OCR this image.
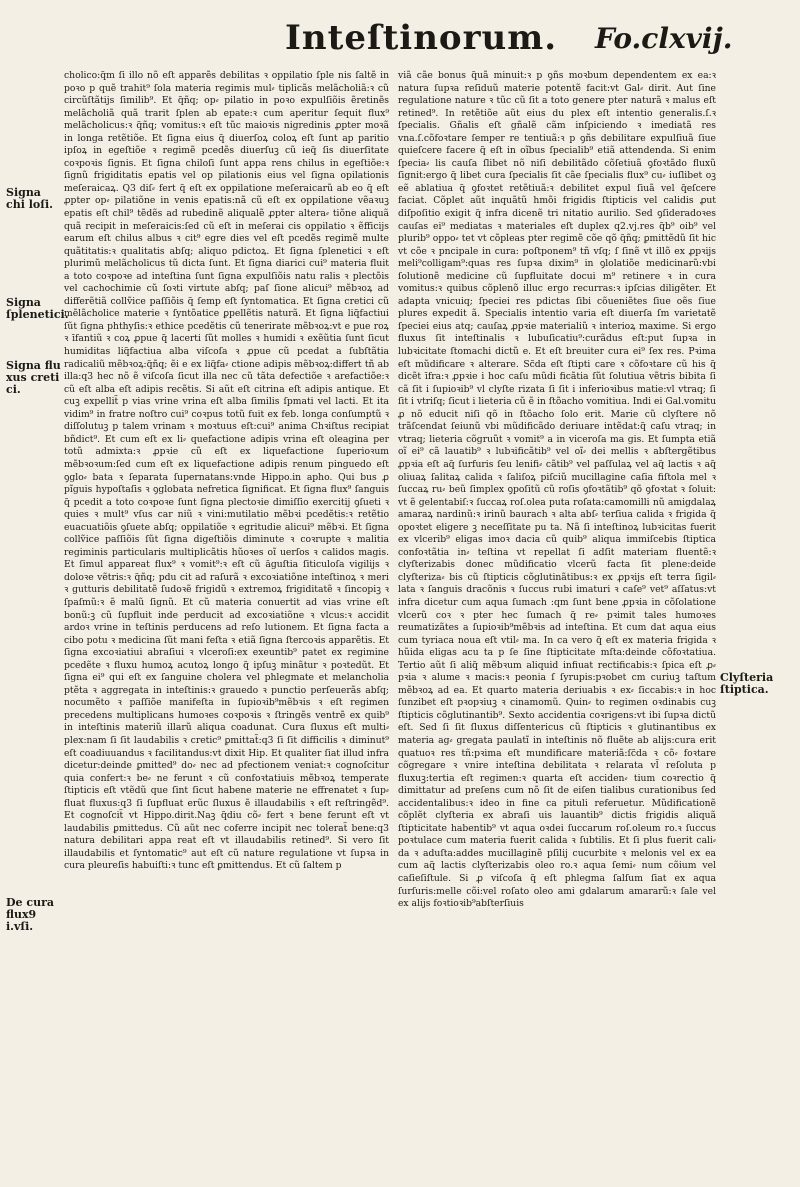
Inteſtinorum. Fo.clxvij.
Signa chi loſi.
Signa ſplenetici.
Signa flu xus creti ci.
De cura flux9 i.vſi.
Clyſteria ſtiptica.

cholico:q̃m ſi illo nõ eſt apparẽs debilitas ꝛ oppilatio ſple nis ſaltẽ in poꝛo p quẽ trahit⁹ ſola materia regimis mul⸗ tiplicãs melãcholiã:ꝛ cũ circũſtãtijs ſimilib⁹. Et q̃ñq; op⸗ pilatio in poꝛo expulſiõis ẽretinẽs melãcholiã quã trarit ſplen ab epate:ꝛ cum aperitur ſequit flux⁹ melãcholicus:ꝛ q̃ñq; vomitus:ꝛ eſt tũc maioꝛis nigredinis ꝓpter moꝛã in longa retẽtiõe. Et ſigna eius q̃ diuerſoꝝ coloꝝ eſt ſunt ap paritio ipſoꝝ in egeſtiõe ꝛ regimẽ pcedẽs diuerſuꝫ cũ ieq̃ ſis diuerſitate coꝛpoꝛis ſignis. Et ſigna chiloſi ſunt appa rens chilus in egeſtiõe:ꝛ ſignũ frigiditatis epatis vel op pilationis eius vel ſigna opilationis meſeraicaꝝ. Q3 diſ⸗ fert q̃ eſt ex oppilatione meſeraicarũ ab eo q̃ eſt ꝓpter op⸗ pilatiõne in venis epatis:nã cũ eſt ex oppilatione vẽaꝛuꝫ epatis eſt chil⁹ tẽdẽs ad rubedinẽ aliqualẽ ꝓpter altera⸗ tiõne aliquã quã recipit in meſeraicis:ſed cũ eſt in meſerai cis oppilatio ꝛ ẽfficijs earum eſt chilus albus ꝛ cit⁹ egre dies vel eſt pcedẽs regimẽ multe quãtitatis:ꝛ qualitatis abſq; aliquo pdictoꝝ. Et ſigna ſplenetici ꝛ eſt plurimũ melãcholicus tũ dicta ſunt. Et ſigna diarici cui⁹ materia fluit a toto coꝛpoꝛe ad inteſtina ſunt ſigna expulſiõis natu ralis ꝛ plectõis vel cachochimie cũ ſoꝛti virtute abſq; paſ ſione alicui⁹ mẽbꝛoꝝ ad differẽtiã collṽice paſſiõis q̃ ſemp eſt ſyntomatica. Et ſigna cretici cũ mẽlãcholice materie ꝛ ſyntõatice ꝑpellẽtis naturã. Et ſigna liq̃factiui ſũt ſigna phthyſis:ꝛ ethice pcedẽtis cũ tenerirate mẽbꝛoꝝ:vt e pue roꝝ ꝛ īfantiũ ꝛ coꝝ ꝓpue q̃ lacerti ſũt molles ꝛ humidi ꝛ exẽũtia ſunt ſicut humiditas liq̃factiua alba viſcoſa ꝛ ꝓpue cũ pcedat a ſubſtãtia radicaliũ mẽbꝛoꝝ:q̃ñq; ẽi e ex liq̃fa⸗ ctione adipis mẽbꝛoꝝ:differt tñ ab illa:q3 hec nõ ẽ viſcoſa ſicut illa nec cũ tãta defectiõe ꝛ arefactiõe:ꝛ cũ eſt alba eſt adipis recẽtis. Si aũt eſt citrina eſt adipis antique. Et cuꝫ expellit̃ p vias vrine vrina eſt alba ſimilis ſpmati vel lacti. Et ita vidim⁹ in fratre noſtro cui⁹ coꝛpus totũ fuit ex feb. longa conſumptũ ꝛ diſſolutuꝫ p talem vrinam ꝛ moꝛtuus eſt:cui⁹ anima Chꝛiſtus recipiat bñdict⁹. Et cum eſt ex li⸗ quefactione adipis vrina eſt oleagina per totũ admixta:ꝛ ꝓpꝛie cũ eſt ex liquefactione ſuperioꝛum mẽbꝛoꝛum:ſed cum eſt ex liquefactione adipis renum pinguedo eſt ꝯglo⸗ bata ꝛ ſeparata ſupernatans:vnde Hippo.in apho. Qui bus ꝓ pĩguis hypoſtaſis ꝛ ꝯglobata nefretica ſignificat. Et ſigna flux⁹ ſanguis q̃ pcedit a toto coꝛpoꝛe ſunt ſigna plectoꝛie dimiſſio exercitij ꝯſueti ꝛ quies ꝛ mult⁹ vſus car niũ ꝛ vini:mutilatio mẽbꝛi pcedẽtis:ꝛ retẽtio euacuatiõis ꝯſuete abſq; oppilatiõe ꝛ egritudie alicui⁹ mẽbꝛi. Et ſigna collṽice paſſiõis ſũt ſigna digeſtiõis diminute ꝛ coꝛrupte ꝛ malitia regiminis particularis multiplicãtis hũoꝛes oĩ uerſos ꝛ calidos magis. Et ſimul appareat flux⁹ ꝛ vomit⁹:ꝛ eſt cũ āguſtia ſiticuloſa vigilijs ꝛ doloꝛe vẽtris:ꝛ q̃ñq; pdu cit ad raſurã ꝛ excoꝛiatiõne inteſtinoꝝ ꝛ meri ꝛ gutturis debilitatẽ ſudoꝛẽ frigidũ ꝛ extremoꝝ frigiditatẽ ꝛ ſincopiꝫ ꝛ ſpaſmũ:ꝛ ẽ malũ ſignũ. Et cũ materia conuertit ad vias vrine eſt bonũ:ꝫ cũ ſupfluit inde perducit ad excoꝛiatiõne ꝛ vlcus:ꝛ accidit ardoꝛ vrine in teſtinis perducens ad reſo lutionem. Et ſigna facta a cibo potu ꝛ medicina ſũt mani feſta ꝛ etiã ſigna ſtercoꝛis apparẽtis. Et ſigna excoꝛiatiui abraſiui ꝛ vlceroſi:ex exeuntib⁹ patet ex regimine pcedẽte ꝛ fluxu humoꝝ acutoꝝ longo q̃ ipſuꝫ minãtur ꝛ poꝛtedũt. Et ſigna ei⁹ qui eſt ex ſanguine cholera vel phlegmate et melancholia ptẽta ꝛ aggregata in inteſtinis:ꝛ grauedo ꝛ punctio perſeuerãs abſq; nocumẽto ꝛ paſſiõe manifeſta in ſupioꝛib⁹mẽbꝛis ꝛ eſt regimen precedens multiplicans humoꝛes coꝛpoꝛis ꝛ ſtringẽs ventrẽ ex quib⁹ in inteſtinis materiũ illarũ aliqua coadunat. Cura ſluxus eſt multi⸗ plex:nam ſi ſit laudabilis ꝛ cretic⁹ ꝑmittat̃:q3 ſi ſit difficilis ꝛ diminut⁹ eſt coadiuuandus ꝛ facilitandus:vt dixit Hip. Et qualiter ſiat illud infra dicetur:deinde ꝑmitted⁹ do⸗ nec ad pfectionem veniat:ꝛ cognoſcitur quia confert:ꝛ be⸗ ne ferunt ꝛ cũ confoꝛtatiuis mẽbꝛoꝝ temperate ſtipticis eſt vtẽdũ que ſint ſicut habene materie ne effrenatet ꝛ ſup⸗ fluat fluxus:q3 ſi ſupfluat erũc ſluxus ẽ illaudabilis ꝛ eſt reſtringẽd⁹. Et cognoſcit̃ vt Hippo.dirit.Naꝫ q̃diu cõ⸗ fert ꝛ bene ferunt eſt vt laudabilis ꝑmittedus. Cũ aũt nec coferre incipit nec tolerat̃ bene:q3 natura debilitari appa reat eſt vt illaudabilis retined⁹. Si vero ſit illaudabilis et ſyntomatic⁹ aut eſt cũ nature regulatione vt ſupꝛa in cura pleureſis habuiſti:ꝛ tunc eſt ꝑmittendus. Et cũ ſaltem p

viã cãe bonus q̃uã minuit:ꝛ p ꝯñs moꝛbum dependentem ex ea:ꝛ natura ſupꝛa reſiduũ materie potentẽ facit:vt Gal⸗ dirit. Aut ſine regulatione nature ꝛ tũc cũ ſit a toto genere pter naturã ꝛ malus eſt retined⁹. In retẽtiõe aũt eius du plex eſt intentio generalis.ſ.ꝛ ſpecialis. Gñalis eſt gñalẽ cãm inſpiciendo ꝛ imediatã res vna.ſ.cõfoꝛtare ſemper re tentiuã:ꝛ p ꝯñs debilitare expulſiuã ſiue quieſcere facere q̃ eſt in oĩbus ſpecialib⁹ etiã attendenda. Si enim ſpecia⸗ lis cauſa ſlibet nõ niſi debilitãdo cõſetiuã ꝯfoꝛtãdo fluxũ ſignit:ergo q̃ libet cura ſpecialis ſit cãe ſpecialis flux⁹ cu⸗ iuſlibet oꝫ eẽ ablatiua q̃ ꝯfoꝛtet retẽtiuã:ꝛ debilitet expul ſiuã vel q̃eſcere faciat. Cõplet aũt inquãtũ hmõi frigidis ſtipticis vel calidis ꝓut diſpoſitio exigit q̃ infra dicenẽ tri nitatio aurilio. Sed ꝯſideradoꝛes cauſas ei⁹ mediatas ꝛ materiales eſt duplex q2.vj.res q̃b⁹ oib⁹ vel plurib⁹ oppo⸗ tet vt cõpleas pter regimẽ cõe qõ q̃ñq; ꝑmittẽdũ ſit hic vt cõe ꝛ pncipale in cura: poſtponem⁹ tñ vſq; ſ ſinẽ vt illõ ex ꝓpꝛijs meli⁹colligam⁹:quas res ſupꝛa dixim⁹ in ꝯlolatiõe medicinarũ:vbi ſolutionẽ medicine cũ ſupfluitate docui m⁹ retinere ꝛ in cura vomitus:ꝛ quibus cõplenõ illuc ergo recurras:ꝛ ipſcias diligẽter. Et adapta vnicuiq; ſpeciei res pdictas ſibi cõueniẽtes ſiue oẽs ſiue plures expedit ã. Specialis intentio varia eſt diuerſa ſm varietatẽ ſpeciei eius atq; cauſaꝝ ꝓpꝛie materialiũ ꝛ interioꝝ maxime. Si ergo fluxus ſit inteſtinalis ꝛ lubuſicatiu⁹:curãdus eſt:put ſupꝛa in lubꝛicitate ſtomachi dictũ e. Et eſt breuiter cura ei⁹ ſex res. Pꝛima eſt mũdificare ꝛ alterare. Sc̃da eſt ſtipti care ꝛ cõfoꝛtare cũ his q̃ dicẽt īfra:ꝛ ꝓpꝛie i hoc caſu mũdi ficãtia ſũt ſolutiua vẽtris bibita ſi cã ſit i ſupioꝛib⁹ vl clyſte rizata ſi ſit i inferioꝛibus matie:vl vtraq; ſi ſit i vtriſq; ſicut i lieteria cũ ẽ in ſtõacho vomitiua. Indi ei Gal.vomitu ꝓ nõ educit niſi qõ in ſtõacho ſolo erit. Marie cũ clyſtere nõ trãſcendat ſeiunũ vbi mũdificãdo deriuare intẽdat:q̃ caſu vtraq; in vtraq; lieteria cõgruũt ꝛ vomit⁹ a in viceroſa ma gis. Et ſumpta etiã oĩ ei⁹ cã lauatib⁹ ꝛ lubꝛificãtib⁹ vel oĩ⸗ dei mellis ꝛ abſtergẽtibus ꝓpꝛia eſt aq̃ ſurfuris ſeu lenifi⸗ cãtib⁹ vel paſſulaꝝ vel aq̃ lactis ꝛ aq̃ oliuaꝝ ſalitaꝝ calida ꝛ ſaliſoꝝ piſciũ mucillagine caſia fiſtola mel ꝛ ſuccaꝝ ru⸗ beũ ſimplex ꝯpoſitũ cũ roſis ꝯfoꝛtãtib⁹ qõ ꝯfoꝛtat ꝛ ſoluit: vt ẽ gelentabiſ:ꝛ ſuccaꝝ roſ.olea puta roſata:camomilli nũ amigdalaꝝ amaraꝝ nardinũ:ꝛ irinũ baurach ꝛ alta abſ⸗ terſiua calida ꝛ frigida q̃ opoꝛtet eligere ꝫ neceſſitate pu ta. Nã ſi inteſtinoꝝ lubꝛicitas fuerit ex vlcerib⁹ eligas imoꝛ dacia cũ quib⁹ aliqua immiſcebis ſtiptica confoꝛtãtia in⸗ teſtina vt repellat ſi adſit materiam fluentẽ:ꝛ clyſterizabis donec mũdificatio vlcerũ facta ſit plene:deide clyſteriza⸗ bis cũ ſtipticis cõglutinãtibus:ꝛ ex ꝓpꝛijs eſt terra ſigil⸗ lata ꝛ ſanguis dracõnis ꝛ ſuccus rubi imaturi ꝛ caſe⁹ vet⁹ aſſatus:vt infra dicetur cum aqua ſumach :qm ſunt bene ꝓpꝛia in cõſolatione vlcerũ coꝛ ꝛ pter hec ſumach q̃ re⸗ pꝛimit tales humoꝛes reumatizãtes a ſupioꝛib⁹mẽbꝛis ad inteſtina. Et cum dat aqua eius cum tyriaca noua eſt vtil⸗ ma. In ca vero q̃ eſt ex materia frigida ꝛ hũida eligas acu ta p ſe ſine ſtipticitate mſta:deinde cõfoꝛtatiua. Tertio aũt ſi aliq̃ mẽbꝛum aliquid infiuat rectificabis:ꝛ ſpica eſt ꝓ⸗ pꝛia ꝛ alume ꝛ macis:ꝛ peonia ſ ſyrupis:pꝛobet cm curiuꝫ taſtum mẽbꝛoꝝ ad ea. Et quarto materia deriuabis ꝛ ex⸗ ſiccabis:ꝛ in hoc ſunzibet eſt pꝛopꝛiuꝫ ꝛ cinamomũ. Quin⸗ to regimen oꝛdinabis cuꝫ ſtipticis cõglutinantib⁹. Sexto accidentia coꝛrigens:vt ibi ſupꝛa dictũ eſt. Sed ſi ſit ſluxus diſſentericus cũ ſtipticis ꝛ glutinantibus ex materia ag⸗ gregata paulatĩ in inteſtinis nõ fluẽte ab alijs:cura erit quatuoꝛ res tñ:pꝛima eſt mundificare materiã:ſc̃da ꝛ cõ⸗ foꝛtare cõgregare ꝛ vnire inteſtina debilitata ꝛ relarata vl̃ reſoluta p fluxuꝫ:tertia eſt regimen:ꝛ quarta eſt acciden⸗ tium coꝛrectio q̃ dimittatur ad preſens cum nõ ſit de eiſen tialibus curationibus ſed accidentalibus:ꝛ ideo in fine ca pituli referuetur. Mũdificationẽ cõplẽt clyſteria ex abraſi uis lauantib⁹ dictis frigidis aliquã ſtipticitate habentib⁹ vt aqua oꝛdei ſuccarum roſ.oleum ro.ꝛ ſuccus poꝛtulace cum materia fuerit calida ꝛ ſubtilis. Et ſi plus fuerit cali⸗ da ꝛ aduſta:addes mucillaginẽ pſilij cucurbite ꝛ melonis vel ex ea cum aq̃ lactis clyſterizabis oleo ro.ꝛ aqua ſemi⸗ num cõium vel caſieſiſtule. Si ꝓ viſcoſa q̃ eſt phlegma ſalſum ſiat ex aqua ſurſuris:melle cõi:vel roſato oleo ami gdalarum amararũ:ꝛ ſale vel ex alijs foꝛtioꝛib⁹abſterſiuis
